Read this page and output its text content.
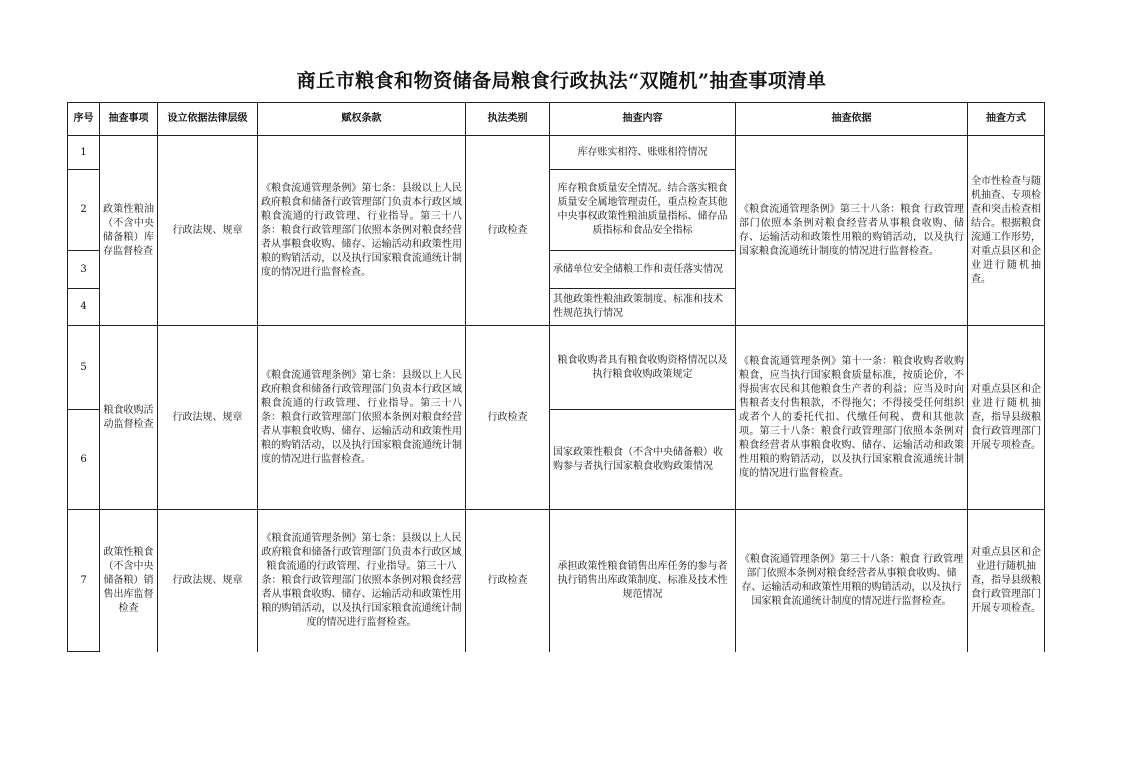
商丘市粮食和物资储备局粮食行政执法“双随机”抽查事项清单
序号	抽查事项	设立依据法律层级	赋权条款	执法类别	抽查内容	抽查依据	抽查方式
1	政策性粮油（不含中央储备粮）库存监督检查	行政法规、规章	《粮食流通管理条例》第七条：县级以上人民政府粮食和储备行政管理部门负责本行政区域粮食流通的行政管理、行业指导。第三十八条：粮食行政管理部门依照本条例对粮食经营者从事粮食收购、储存、运输活动和政策性用粮的购销活动，以及执行国家粮食流通统计制度的情况进行监督检查。	行政检查	库存账实相符、账账相符情况	《粮食流通管理条例》第三十八条：粮食 行政管理部门依照本条例对粮食经营者从事粮食收购、储存、运输活动和政策性用粮的购销活动，以及执行国家粮食流通统计制度的情况进行监督检查。	全市性检查与随机抽查、专项检查和突击检查相结合。根据粮食流通工作形势，对重点县区和企业进行随机抽查。
2					库存粮食质量安全情况。结合落实粮食质量安全属地管理责任，重点检查其他中央事权政策性粮油质量指标、储存品质指标和食品安全指标		
3					承储单位安全储粮工作和责任落实情况		
4					其他政策性粮油政策制度、标准和技术性规范执行情况		
5	粮食收购活动监督检查	行政法规、规章	《粮食流通管理条例》第七条：县级以上人民政府粮食和储备行政管理部门负责本行政区域粮食流通的行政管理、行业指导。第三十八条：粮食行政管理部门依照本条例对粮食经营者从事粮食收购、储存、运输活动和政策性用粮的购销活动，以及执行国家粮食流通统计制度的情况进行监督检查。	行政检查	粮食收购者具有粮食收购资格情况以及执行粮食收购政策规定	《粮食流通管理条例》第十一条：粮食收购者收购粮食，应当执行国家粮食质量标准，按质论价，不得损害农民和其他粮食生产者的利益；应当及时向售粮者支付售粮款，不得拖欠；不得接受任何组织或者个人的委托代扣、代缴任何税、费和其他款项。第三十八条：粮食行政管理部门依照本条例对粮食经营者从事粮食收购、储存、运输活动和政策性用粮的购销活动，以及执行国家粮食流通统计制度的情况进行监督检查。	对重点县区和企业进行随机抽查，指导县级粮食行政管理部门开展专项检查。
6					国家政策性粮食（不含中央储备粮）收购参与者执行国家粮食收购政策情况		
7	政策性粮食（不含中央储备粮）销售出库监督检查	行政法规、规章	《粮食流通管理条例》第七条：县级以上人民政府粮食和储备行政管理部门负责本行政区域粮食流通的行政管理、行业指导。第三十八条：粮食行政管理部门依照本条例对粮食经营者从事粮食收购、储存、运输活动和政策性用粮的购销活动，以及执行国家粮食流通统计制度的情况进行监督检查。	行政检查	承担政策性粮食销售出库任务的参与者执行销售出库政策制度、标准及技术性规范情况	《粮食流通管理条例》第三十八条：粮食 行政管理部门依照本条例对粮食经营者从事粮食收购、储存、运输活动和政策性用粮的购销活动，以及执行国家粮食流通统计制度的情况进行监督检查。	对重点县区和企业进行随机抽查，指导县级粮食行政管理部门开展专项检查。
